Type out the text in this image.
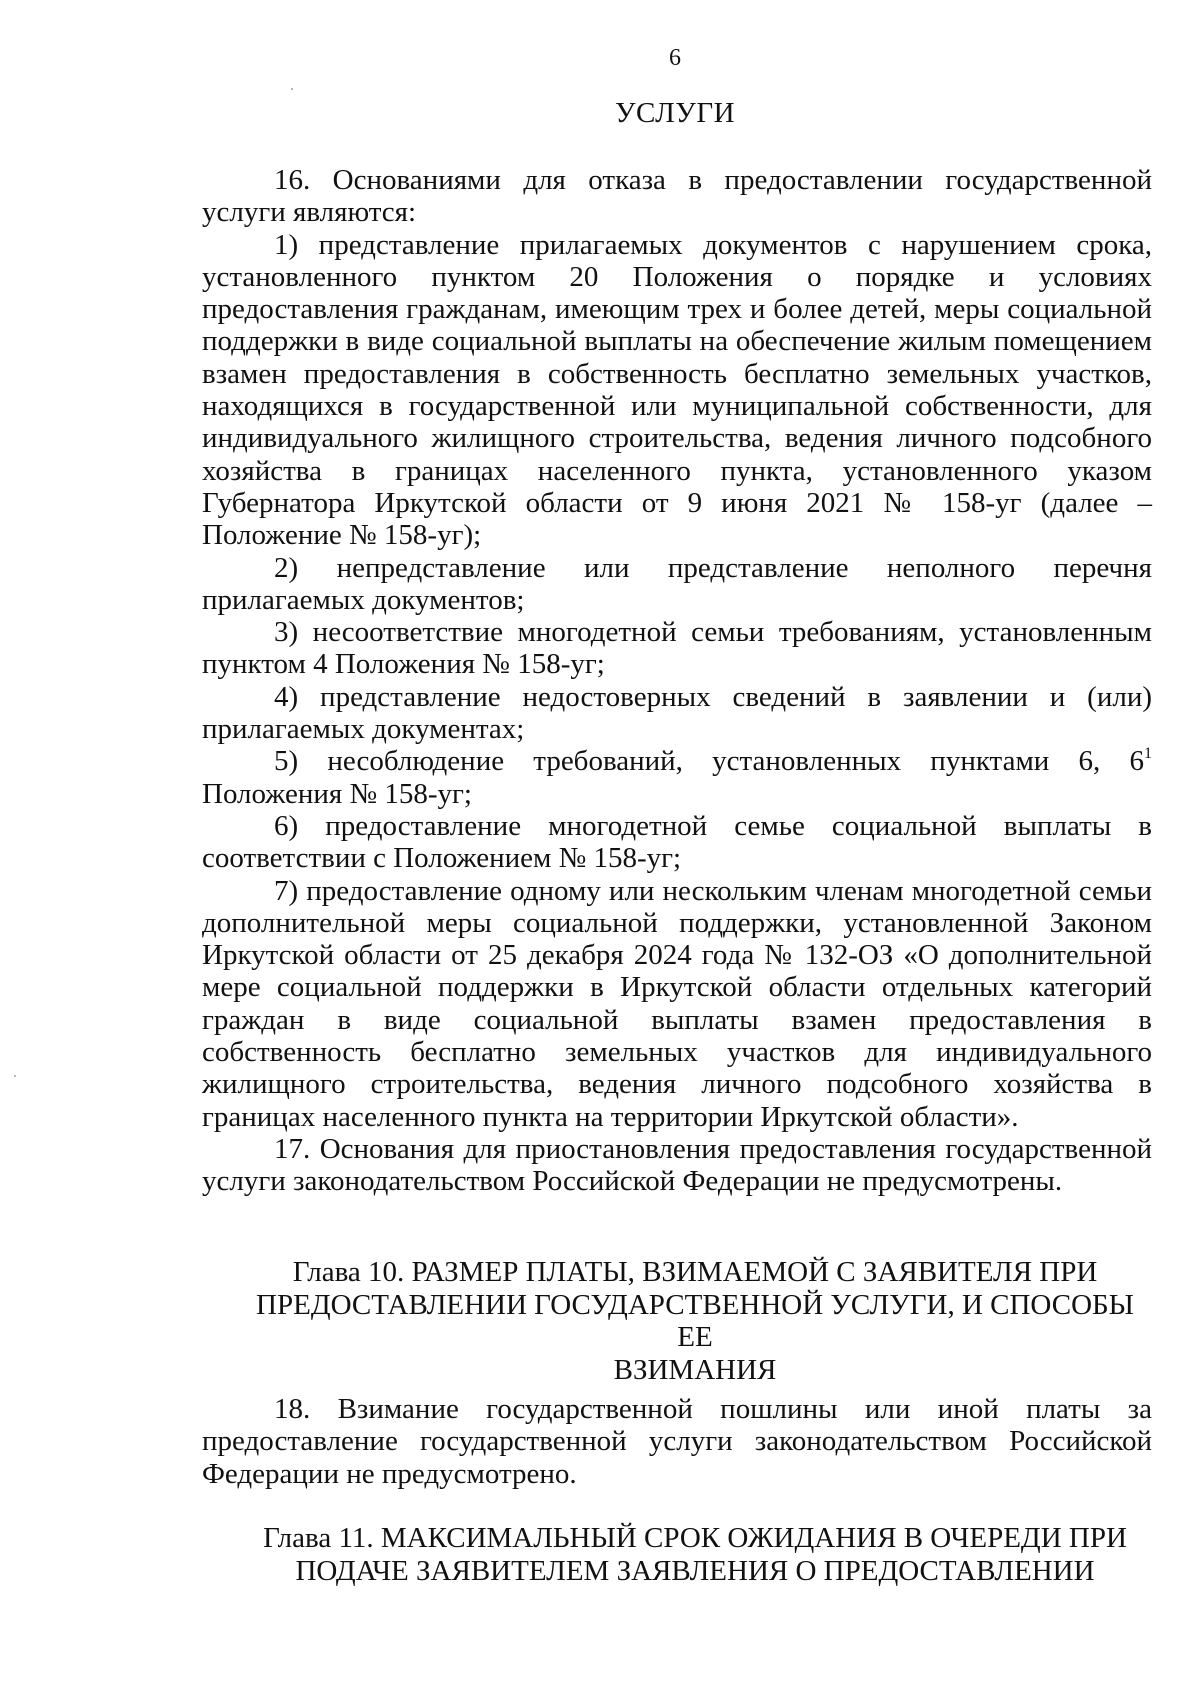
6
УСЛУГИ

16. Основаниями для отказа в предоставлении государственной услуги являются:

1) представление прилагаемых документов с нарушением срока, установленного пунктом 20 Положения о порядке и условиях предоставления гражданам, имеющим трех и более детей, меры социальной поддержки в виде социальной выплаты на обеспечение жилым помещением взамен предоставления в собственность бесплатно земельных участков, находящихся в государственной или муниципальной собственности, для индивидуального жилищного строительства, ведения личного подсобного хозяйства в границах населенного пункта, установленного указом Губернатора Иркутской области от 9 июня 2021 № 158-уг (далее – Положение № 158-уг);

2) непредставление или представление неполного перечня прилагаемых документов;

3) несоответствие многодетной семьи требованиям, установленным пунктом 4 Положения № 158-уг;

4) представление недостоверных сведений в заявлении и (или) прилагаемых документах;

5) несоблюдение требований, установленных пунктами 6, $6^1$ Положения № 158-уг;

6) предоставление многодетной семье социальной выплаты в соответствии с Положением № 158-уг;

7) предоставление одному или нескольким членам многодетной семьи дополнительной меры социальной поддержки, установленной Законом Иркутской области от 25 декабря 2024 года № 132-ОЗ «О дополнительной мере социальной поддержки в Иркутской области отдельных категорий граждан в виде социальной выплаты взамен предоставления в собственность бесплатно земельных участков для индивидуального жилищного строительства, ведения личного подсобного хозяйства в границах населенного пункта на территории Иркутской области».

17. Основания для приостановления предоставления государственной услуги законодательством Российской Федерации не предусмотрены.

Глава 10. РАЗМЕР ПЛАТЫ, ВЗИМАЕМОЙ С ЗАЯВИТЕЛЯ ПРИ
ПРЕДОСТАВЛЕНИИ ГОСУДАРСТВЕННОЙ УСЛУГИ, И СПОСОБЫ ЕЕ
ВЗИМАНИЯ

18. Взимание государственной пошлины или иной платы за предоставление государственной услуги законодательством Российской Федерации не предусмотрено.

Глава 11. МАКСИМАЛЬНЫЙ СРОК ОЖИДАНИЯ В ОЧЕРЕДИ ПРИ
ПОДАЧЕ ЗАЯВИТЕЛЕМ ЗАЯВЛЕНИЯ О ПРЕДОСТАВЛЕНИИ
